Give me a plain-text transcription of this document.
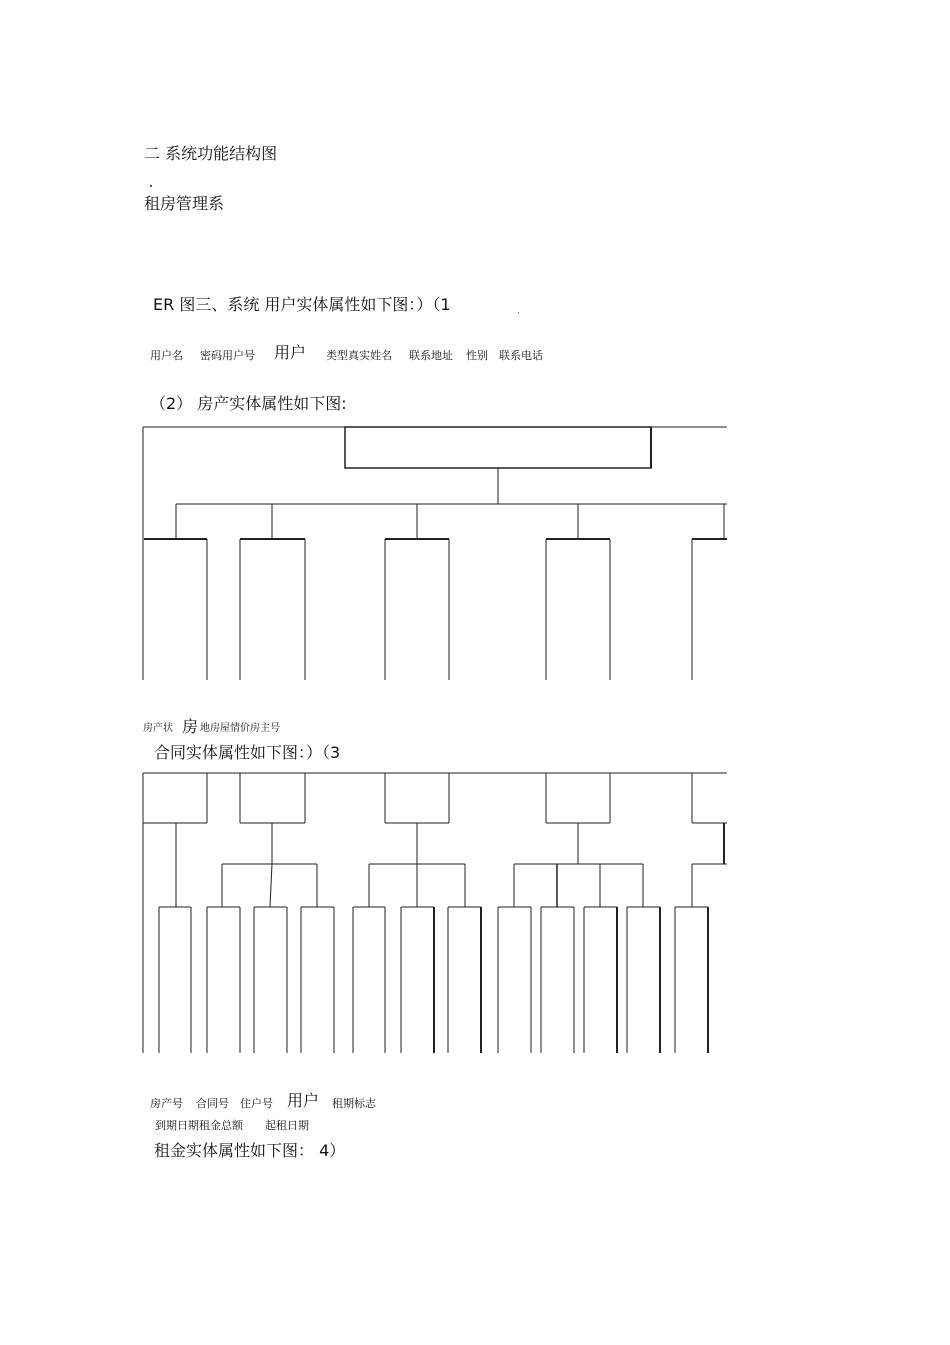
二 系统功能结构图
租房管理系
ER 图三、系统 用户实体属性如下图：）（1
用户名 密码用户号 用户 类型真实姓名 联系地址 性别 联系电话
（2） 房产实体属性如下图:
房产状 房 地房屋情价房主号
合同实体属性如下图：）（3
房产号 合同号 住户号 用户 租期标志
到期日期租金总额 起租日期
租金实体属性如下图： 4）
